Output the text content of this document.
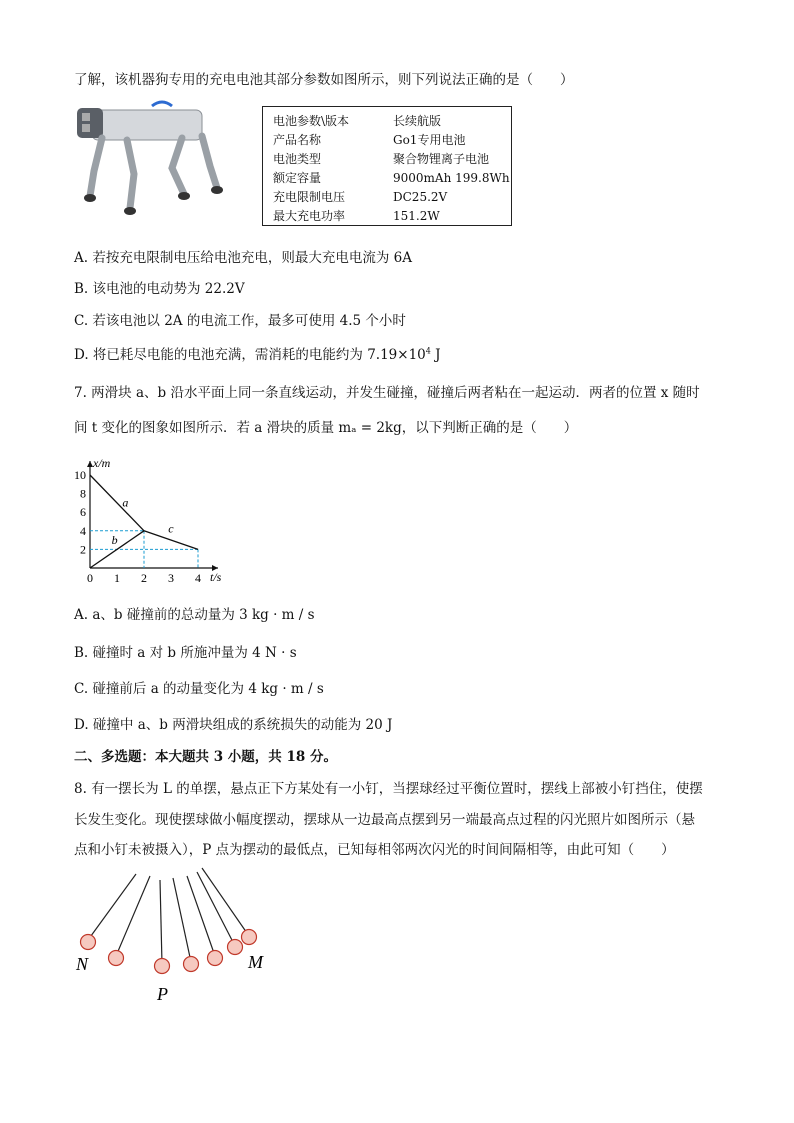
了解，该机器狗专用的充电电池其部分参数如图所示，则下列说法正确的是（　　）
电池参数\版本	长续航版
产品名称	Go1专用电池
电池类型	聚合物锂离子电池
额定容量	9000mAh 199.8Wh
充电限制电压	DC25.2V
最大充电功率	151.2W
A. 若按充电限制电压给电池充电，则最大充电电流为 6A
B. 该电池的电动势为 22.2V
C. 若该电池以 2A 的电流工作，最多可使用 4.5 个小时
D. 将已耗尽电能的电池充满，需消耗的电能约为 $7.19\times 10^4$ J
7. 两滑块 a、b 沿水平面上同一条直线运动，并发生碰撞，碰撞后两者粘在一起运动．两者的位置 x 随时
间 t 变化的图象如图所示．若 a 滑块的质量 mₐ = 2kg，以下判断正确的是（　　）
x/m
t/s
0 1 2 3 4
2
4
6
8
10
a
b
c
A. a、b 碰撞前的总动量为 3 kg · m / s
B. 碰撞时 a 对 b 所施冲量为 4 N · s
C. 碰撞前后 a 的动量变化为 4 kg · m / s
D. 碰撞中 a、b 两滑块组成的系统损失的动能为 20 J
二、多选题：本大题共 3 小题，共 18 分。
8. 有一摆长为 L 的单摆，悬点正下方某处有一小钉，当摆球经过平衡位置时，摆线上部被小钉挡住，使摆
长发生变化。现使摆球做小幅度摆动，摆球从一边最高点摆到另一端最高点过程的闪光照片如图所示（悬
点和小钉未被摄入），P 点为摆动的最低点，已知每相邻两次闪光的时间间隔相等，由此可知（　　）
N
P
M
